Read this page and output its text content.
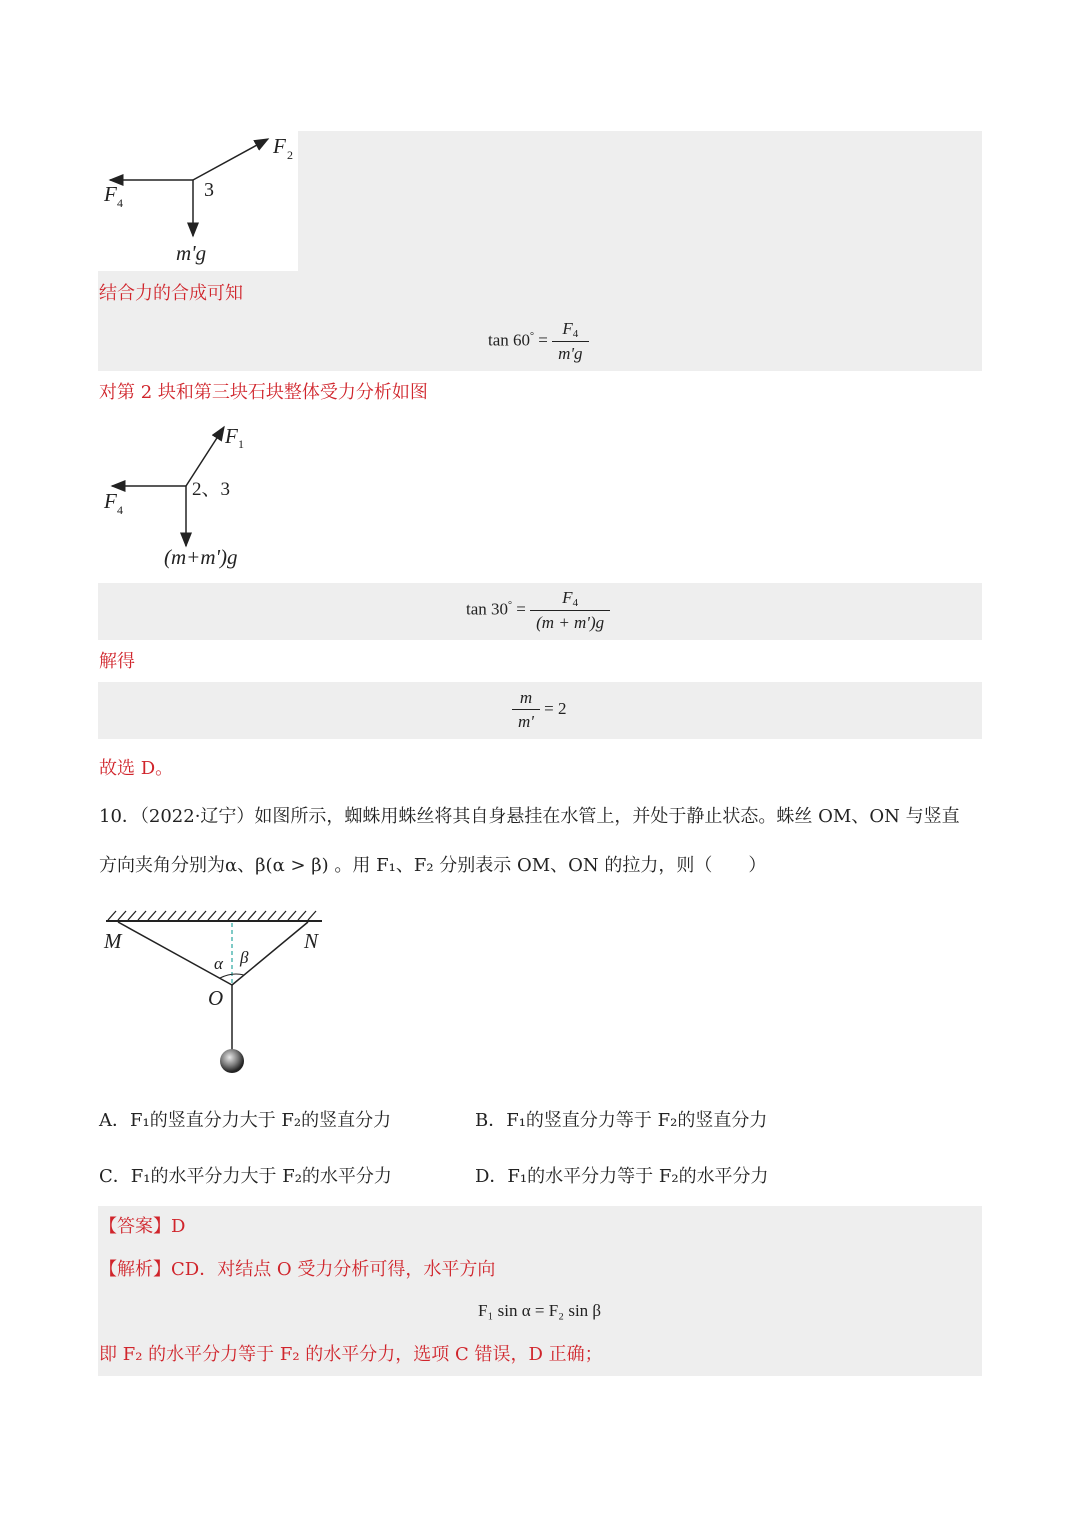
F 2
F 4
3
m'g
结合力的合成可知
$\tan 60^\circ = \frac{F_4}{m'g}$
对第 2 块和第三块石块整体受力分析如图
F 1
F 4
2、3
(m+m')g
$\tan 30^\circ = \frac{F_4}{(m + m')g}$
解得
$\frac{m}{m'} = 2$
故选 D。
10．（2022·辽宁）如图所示，蜘蛛用蛛丝将其自身悬挂在水管上，并处于静止状态。蛛丝 OM、ON 与竖直
方向夹角分别为α、β(α > β) 。用 F₁、F₂ 分别表示 OM、ON 的拉力，则（　　）
M	N
O
α β
A．F₁的竖直分力大于 F₂的竖直分力	B．F₁的竖直分力等于 F₂的竖直分力
C．F₁的水平分力大于 F₂的水平分力	D．F₁的水平分力等于 F₂的水平分力
【答案】D
【解析】CD．对结点 O 受力分析可得，水平方向
F₁ sin α = F₂ sin β
即 F₂ 的水平分力等于 F₂ 的水平分力，选项 C 错误，D 正确；
